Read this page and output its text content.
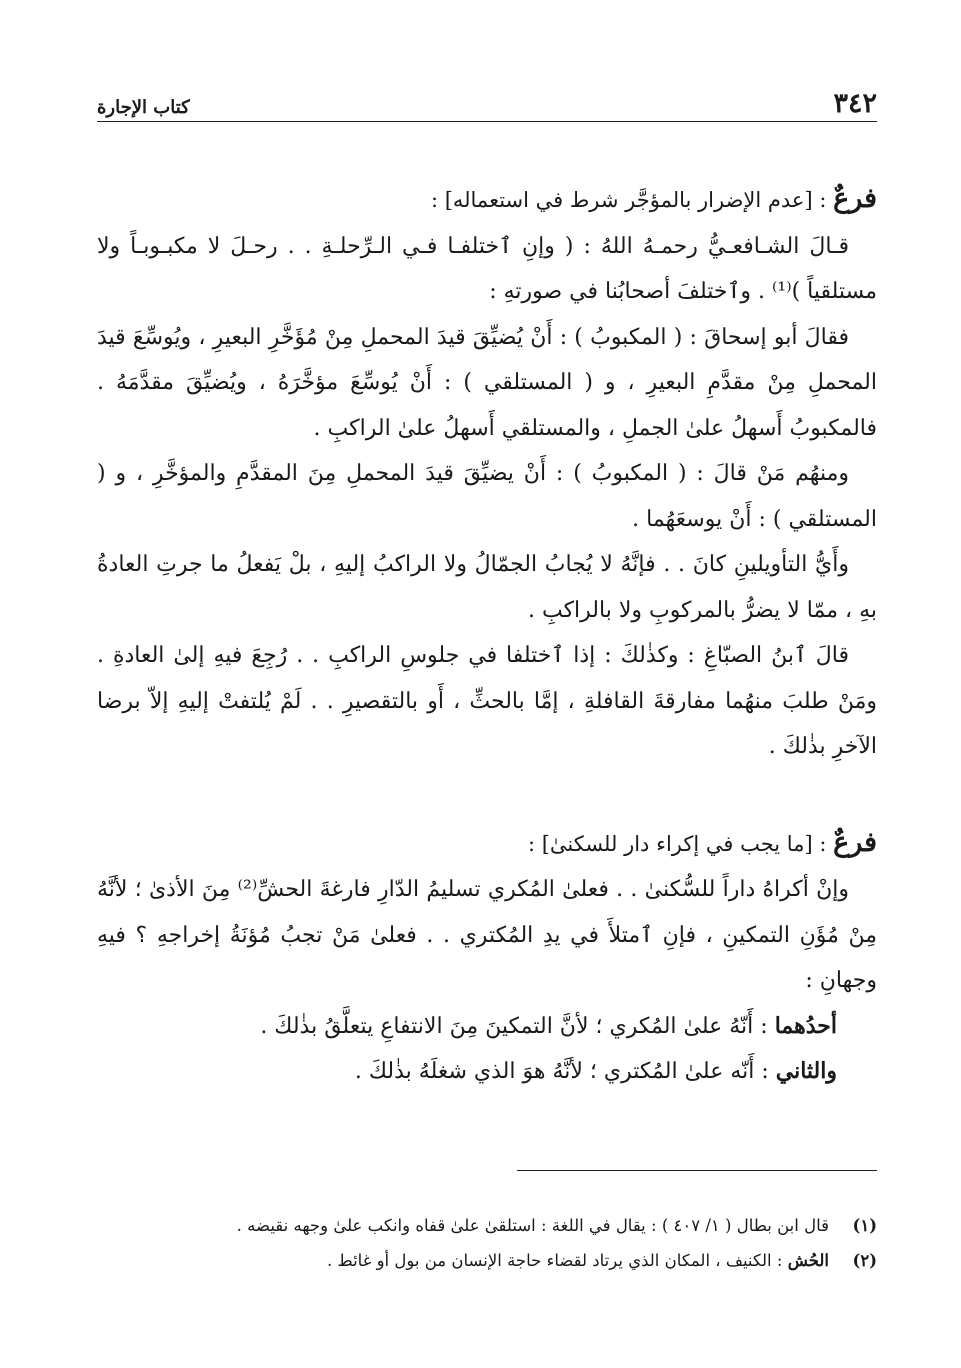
٣٤٢
كتاب الإجارة

فرعٌ : [عدم الإضرار بالمؤجَّر شرط في استعماله] :

قـالَ الشـافعـيُّ رحمـهُ اللهُ : ( وإنِ ٱختلفـا فـي الـرِّحلـةِ . . رحـلَ لا مكبـوبـاً ولا مستلقياً )⁽¹⁾ . وٱختلفَ أصحابُنا في صورتهِ :

فقالَ أبو إسحاقَ : ( المكبوبُ ) : أَنْ يُضيِّقَ قيدَ المحملِ مِنْ مُؤَخَّرِ البعيرِ ، ويُوسِّعَ قيدَ المحملِ مِنْ مقدَّمِ البعيرِ ، و ( المستلقي ) : أَنْ يُوسِّعَ مؤخَّرَهُ ، ويُضيِّقَ مقدَّمَهُ . فالمكبوبُ أَسهلُ علىٰ الجملِ ، والمستلقي أَسهلُ علىٰ الراكبِ .

ومنهُم مَنْ قالَ : ( المكبوبُ ) : أَنْ يضيِّقَ قيدَ المحملِ مِنَ المقدَّمِ والمؤخَّرِ ، و ( المستلقي ) : أَنْ يوسعَهُما .

وأَيُّ التأويلينِ كانَ . . فإنَّهُ لا يُجابُ الجمّالُ ولا الراكبُ إليهِ ، بلْ يَفعلُ ما جرتِ العادةُ بهِ ، ممّا لا يضرُّ بالمركوبِ ولا بالراكبِ .

قالَ ٱبنُ الصبّاغِ : وكذٰلكَ : إذا ٱختلفا في جلوسِ الراكبِ . . رُجِعَ فيهِ إلىٰ العادةِ . ومَنْ طلبَ منهُما مفارقةَ القافلةِ ، إمَّا بالحثِّ ، أَو بالتقصيرِ . . لَمْ يُلتفتْ إليهِ إلاّ برضا الآخرِ بذٰلكَ .

فرعٌ : [ما يجب في إكراء دار للسكنىٰ] :

وإنْ أكراهُ داراً للسُّكنىٰ . . فعلىٰ المُكري تسليمُ الدّارِ فارغةَ الحشِّ⁽²⁾ مِنَ الأذىٰ ؛ لأنَّهُ مِنْ مُؤَنِ التمكينِ ، فإنِ ٱمتلأَ في يدِ المُكتري . . فعلىٰ مَنْ تجبُ مُؤنَةُ إخراجهِ ؟ فيهِ وجهانِ :

أحدُهما : أَنّهُ علىٰ المُكري ؛ لأنَّ التمكينَ مِنَ الانتفاعِ يتعلَّقُ بذٰلكَ .

والثاني : أَنّه علىٰ المُكتري ؛ لأنَّهُ هوَ الذي شغلَهُ بذٰلكَ .

(١)
قال ابن بطال ( ١/ ٤٠٧ ) : يقال في اللغة : استلقىٰ علىٰ قفاه وانكب علىٰ وجهه نقيضه .
(٢)
الحُش : الكنيف ، المكان الذي يرتاد لقضاء حاجة الإنسان من بول أو غائط .
